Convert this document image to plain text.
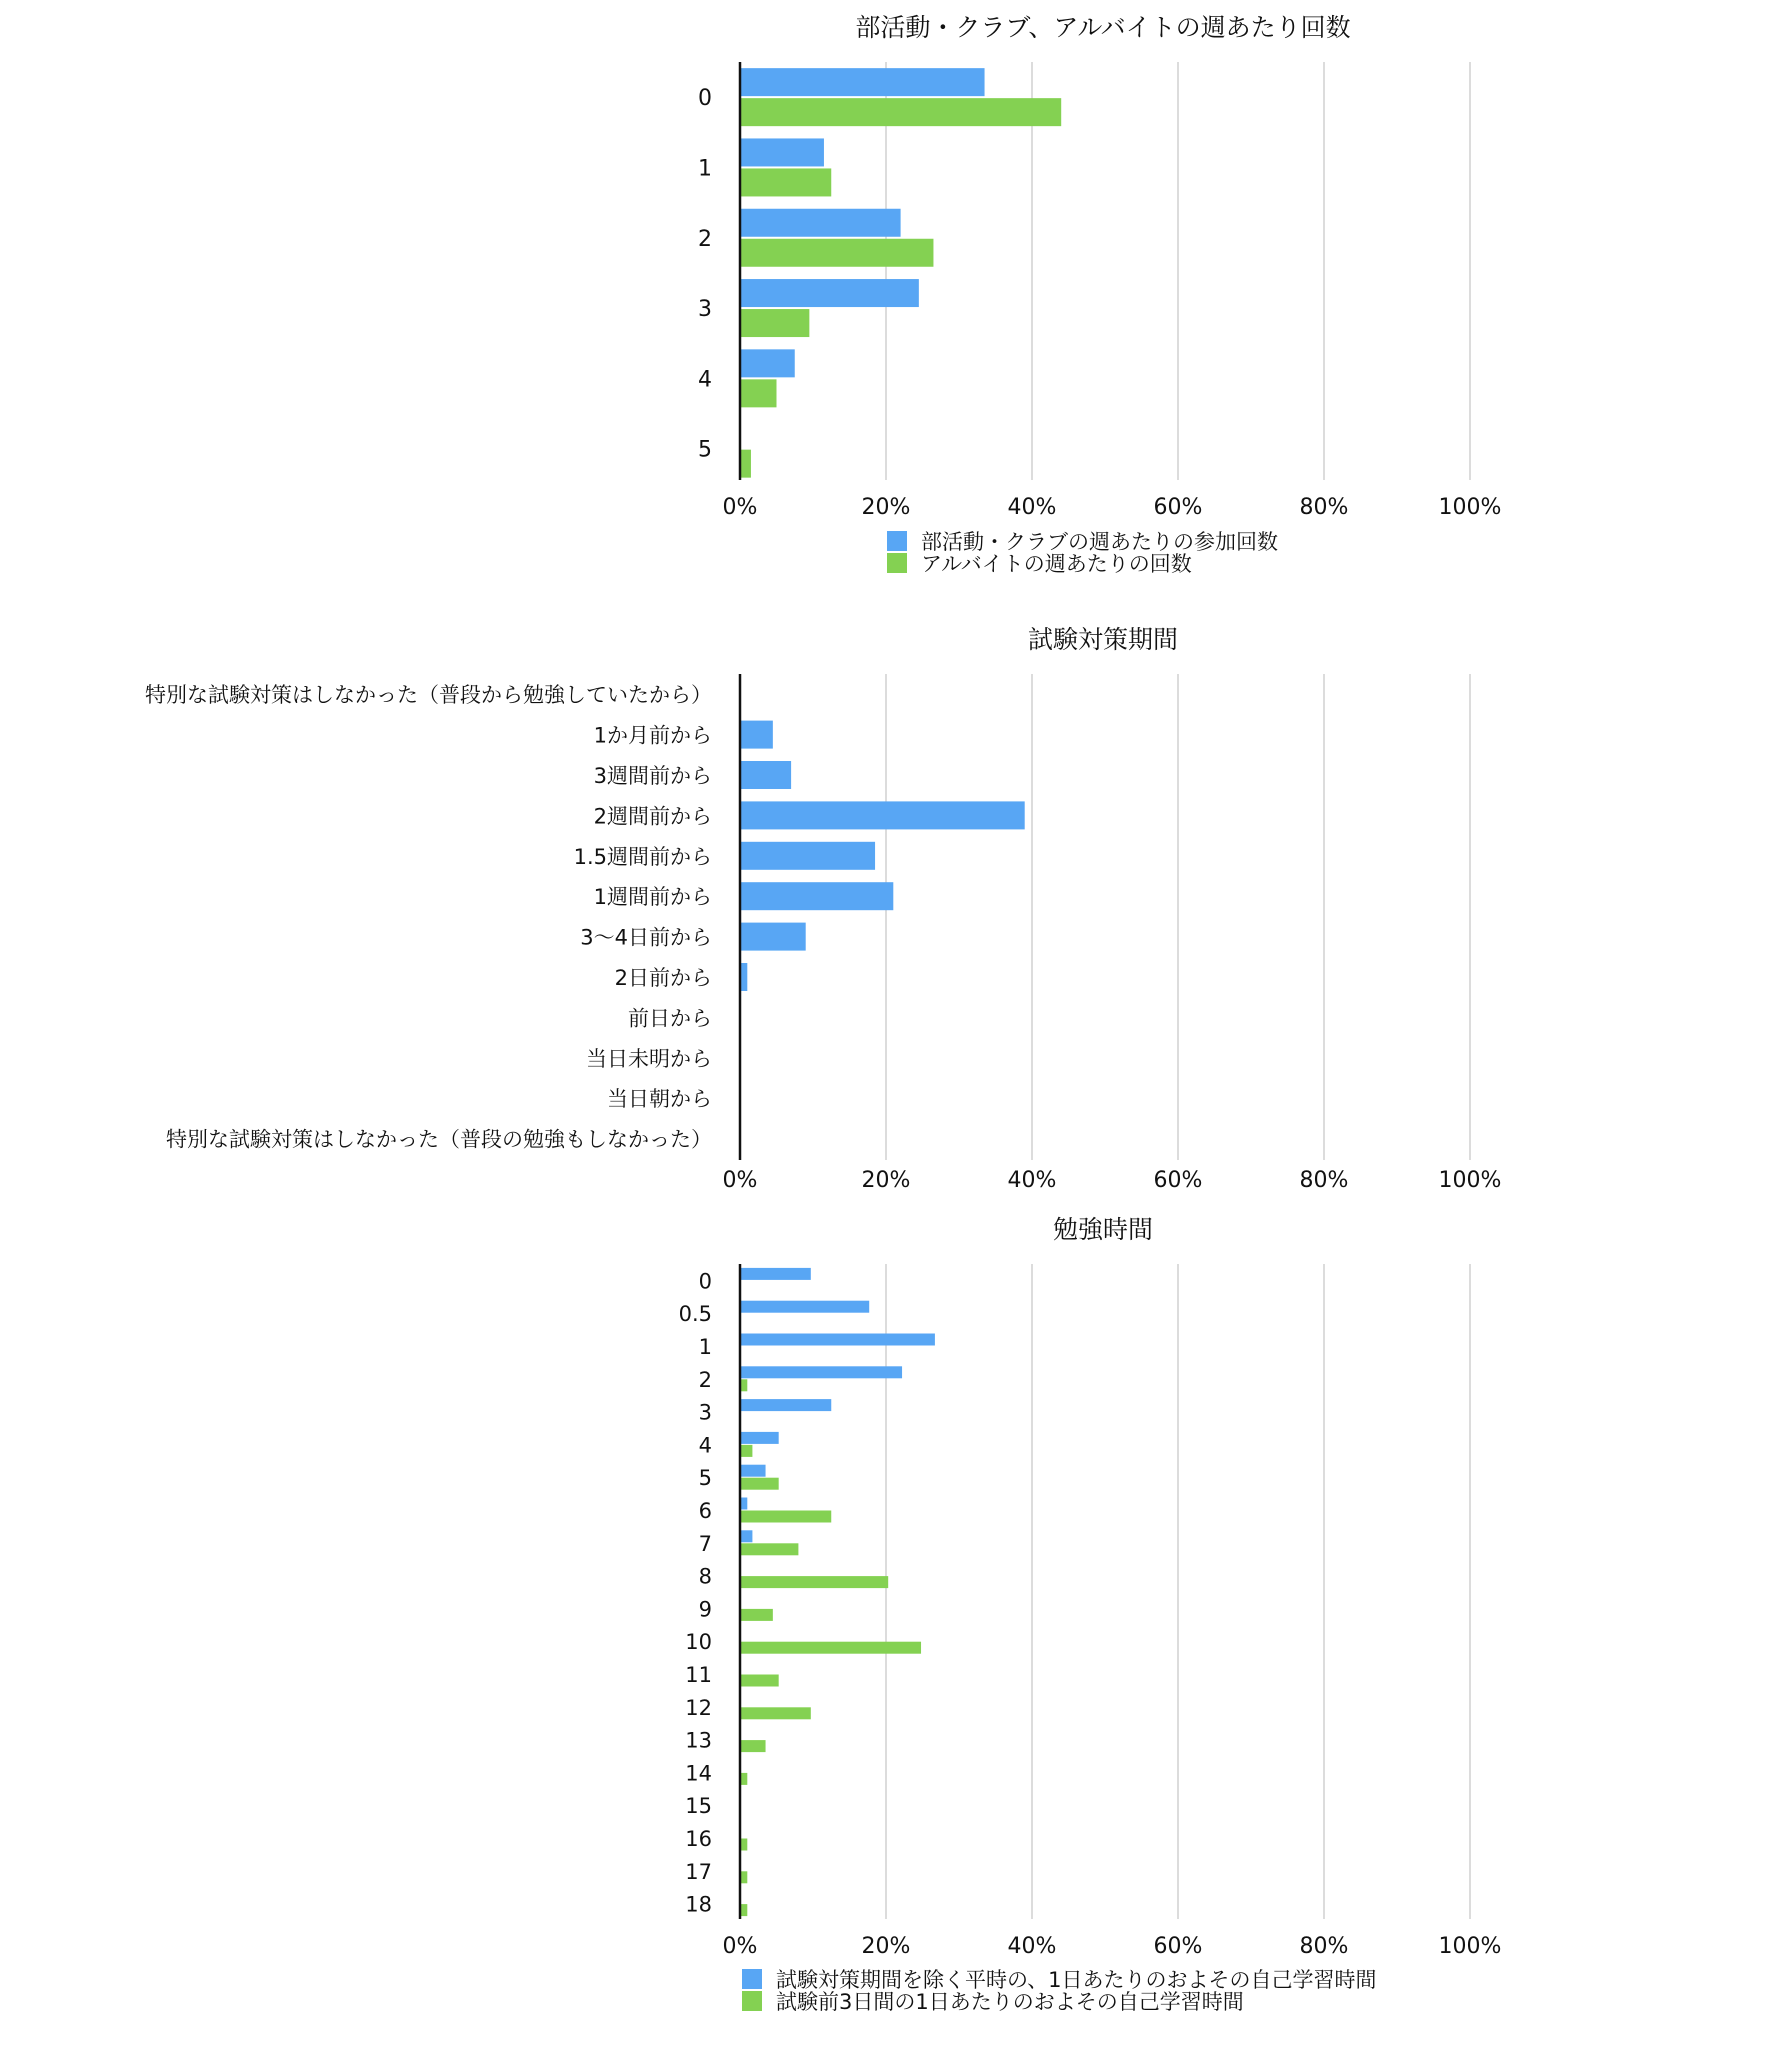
部活動・クラブ、アルバイトの週あたり回数
0
1
2
3
4
5
0%	20%	40%	60%	80%	100%
部活動・クラブの週あたりの参加回数
アルバイトの週あたりの回数
試験対策期間
特別な試験対策はしなかった（普段から勉強していたから）
1か月前から
3週間前から
2週間前から
1.5週間前から
1週間前から
3〜4日前から
2日前から
前日から
当日未明から
当日朝から
特別な試験対策はしなかった（普段の勉強もしなかった）
0%	20%	40%	60%	80%	100%
勉強時間
0
0.5
1
2
3
4
5
6
7
8
9
10
11
12
13
14
15
16
17
18
0%	20%	40%	60%	80%	100%
試験対策期間を除く平時の、1日あたりのおよその自己学習時間
試験前3日間の1日あたりのおよその自己学習時間
